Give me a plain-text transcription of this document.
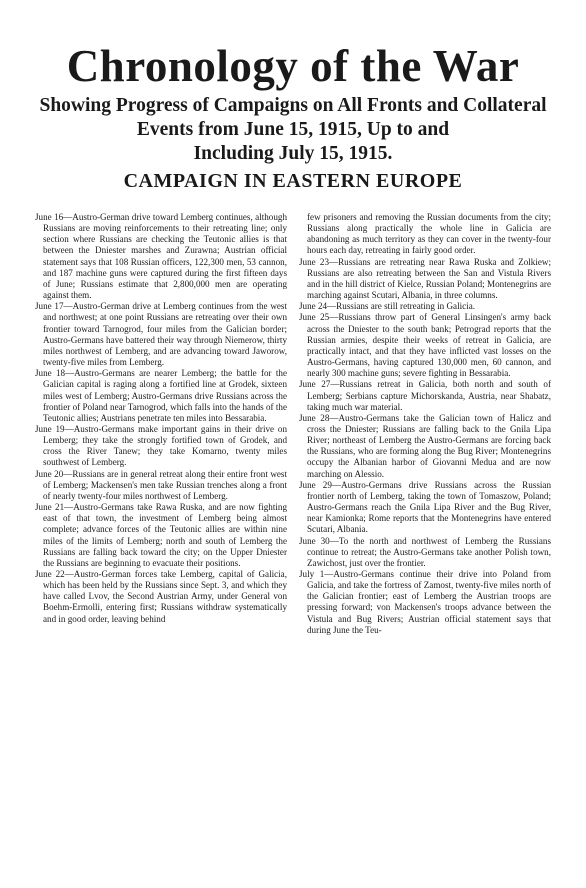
Chronology of the War
Showing Progress of Campaigns on All Fronts and Collateral
Events from June 15, 1915, Up to and
Including July 15, 1915.
CAMPAIGN IN EASTERN EUROPE

June 16—Austro-German drive toward Lemberg continues, although Russians are moving reinforcements to their retreating line; only section where Russians are checking the Teutonic allies is that between the Dniester marshes and Zurawna; Austrian official statement says that 108 Russian officers, 122,300 men, 53 cannon, and 187 machine guns were captured during the first fifteen days of June; Russians estimate that 2,800,000 men are operating against them.

June 17—Austro-German drive at Lemberg continues from the west and northwest; at one point Russians are retreating over their own frontier toward Tarnogrod, four miles from the Galician border; Austro-Germans have battered their way through Niemerow, thirty miles northwest of Lemberg, and are advancing toward Jaworow, twenty-five miles from Lemberg.

June 18—Austro-Germans are nearer Lemberg; the battle for the Galician capital is raging along a fortified line at Grodek, sixteen miles west of Lemberg; Austro-Germans drive Russians across the frontier of Poland near Tarnogrod, which falls into the hands of the Teutonic allies; Austrians penetrate ten miles into Bessarabia.

June 19—Austro-Germans make important gains in their drive on Lemberg; they take the strongly fortified town of Grodek, and cross the River Tanew; they take Komarno, twenty miles southwest of Lemberg.

June 20—Russians are in general retreat along their entire front west of Lemberg; Mackensen's men take Russian trenches along a front of nearly twenty-four miles northwest of Lemberg.

June 21—Austro-Germans take Rawa Ruska, and are now fighting east of that town, the investment of Lemberg being almost complete; advance forces of the Teutonic allies are within nine miles of the limits of Lemberg; north and south of Lemberg the Russians are falling back toward the city; on the Upper Dniester the Russians are beginning to evacuate their positions.

June 22—Austro-German forces take Lemberg, capital of Galicia, which has been held by the Russians since Sept. 3, and which they have called Lvov, the Second Austrian Army, under General von Boehm-Ermolli, entering first; Russians withdraw systematically and in good order, leaving behind

few prisoners and removing the Russian documents from the city; Russians along practically the whole line in Galicia are abandoning as much territory as they can cover in the twenty-four hours each day, retreating in fairly good order.

June 23—Russians are retreating near Rawa Ruska and Zolkiew; Russians are also retreating between the San and Vistula Rivers and in the hill district of Kielce, Russian Poland; Montenegrins are marching against Scutari, Albania, in three columns.

June 24—Russians are still retreating in Galicia.

June 25—Russians throw part of General Linsingen's army back across the Dniester to the south bank; Petrograd reports that the Russian armies, despite their weeks of retreat in Galicia, are practically intact, and that they have inflicted vast losses on the Austro-Germans, having captured 130,000 men, 60 cannon, and nearly 300 machine guns; severe fighting in Bessarabia.

June 27—Russians retreat in Galicia, both north and south of Lemberg; Serbians capture Michorskanda, Austria, near Shabatz, taking much war material.

June 28—Austro-Germans take the Galician town of Halicz and cross the Dniester; Russians are falling back to the Gnila Lipa River; northeast of Lemberg the Austro-Germans are forcing back the Russians, who are forming along the Bug River; Montenegrins occupy the Albanian harbor of Giovanni Medua and are now marching on Alessio.

June 29—Austro-Germans drive Russians across the Russian frontier north of Lemberg, taking the town of Tomaszow, Poland; Austro-Germans reach the Gnila Lipa River and the Bug River, near Kamionka; Rome reports that the Montenegrins have entered Scutari, Albania.

June 30—To the north and northwest of Lemberg the Russians continue to retreat; the Austro-Germans take another Polish town, Zawichost, just over the frontier.

July 1—Austro-Germans continue their drive into Poland from Galicia, and take the fortress of Zamost, twenty-five miles north of the Galician frontier; east of Lemberg the Austrian troops are pressing forward; von Mackensen's troops advance between the Vistula and Bug Rivers; Austrian official statement says that during June the Teu-
